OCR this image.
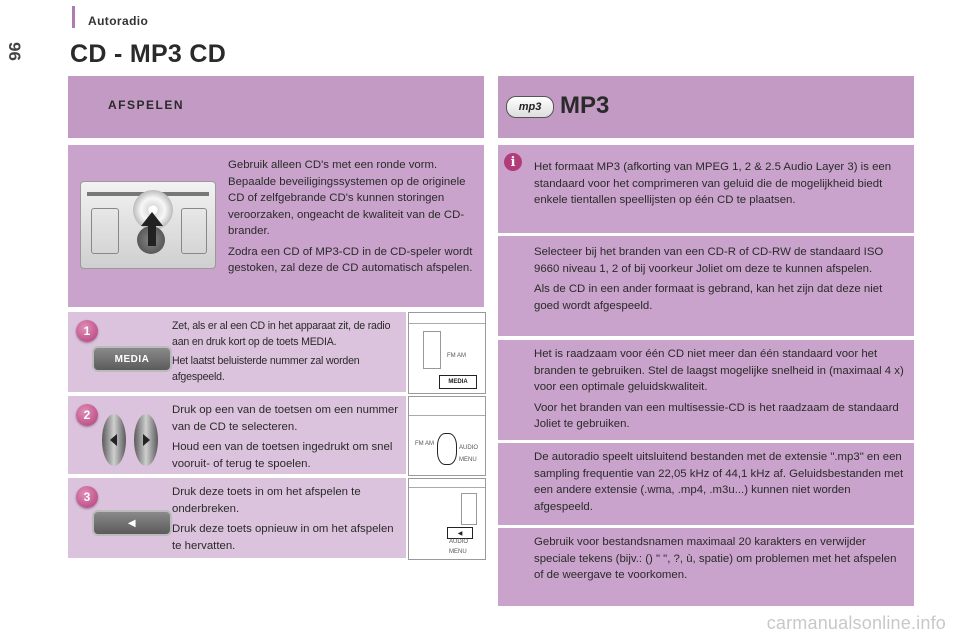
Autoradio
96 CD - MP3 CD
AFSPELEN

Gebruik alleen CD's met een ronde vorm. Bepaalde beveiligingssystemen op de originele CD of zelfgebrande CD's kunnen storingen veroorzaken, ongeacht de kwaliteit van de CD-brander.

Zodra een CD of MP3-CD in de CD-speler wordt gestoken, zal deze de CD automatisch afspelen.

1
MEDIA

Zet, als er al een CD in het apparaat zit, de radio aan en druk kort op de toets MEDIA.

Het laatst beluisterde nummer zal worden afgespeeld.

FM AM
MEDIA
2	Druk op een van de toetsen om een nummer van de CD te selecteren.

Houd een van de toetsen ingedrukt om snel vooruit- of terug te spoelen.

FM AM
AUDIO
MENU
3
◀

Druk deze toets in om het afspelen te onderbreken.

Druk deze toets opnieuw in om het afspelen te hervatten.

◀
AUDIO
MENU
mp3 MP3
i	Het formaat MP3 (afkorting van MPEG 1, 2 & 2.5 Audio Layer 3) is een standaard voor het comprimeren van geluid die de mogelijkheid biedt enkele tientallen speellijsten op één CD te plaatsen.

Selecteer bij het branden van een CD-R of CD-RW de standaard ISO 9660 niveau 1, 2 of bij voorkeur Joliet om deze te kunnen afspelen.

Als de CD in een ander formaat is gebrand, kan het zijn dat deze niet goed wordt afgespeeld.

Het is raadzaam voor één CD niet meer dan één standaard voor het branden te gebruiken. Stel de laagst mogelijke snelheid in (maximaal 4 x) voor een optimale geluidskwaliteit.

Voor het branden van een multisessie-CD is het raadzaam de standaard Joliet te gebruiken.

De autoradio speelt uitsluitend bestanden met de extensie ".mp3" en een sampling frequentie van 22,05 kHz of 44,1 kHz af. Geluidsbestanden met een andere extensie (.wma, .mp4, .m3u...) kunnen niet worden afgespeeld.

Gebruik voor bestandsnamen maximaal 20 karakters en verwijder speciale tekens (bijv.: () " ", ?, ù, spatie) om problemen met het afspelen of de weergave te voorkomen.

carmanualsonline.info
